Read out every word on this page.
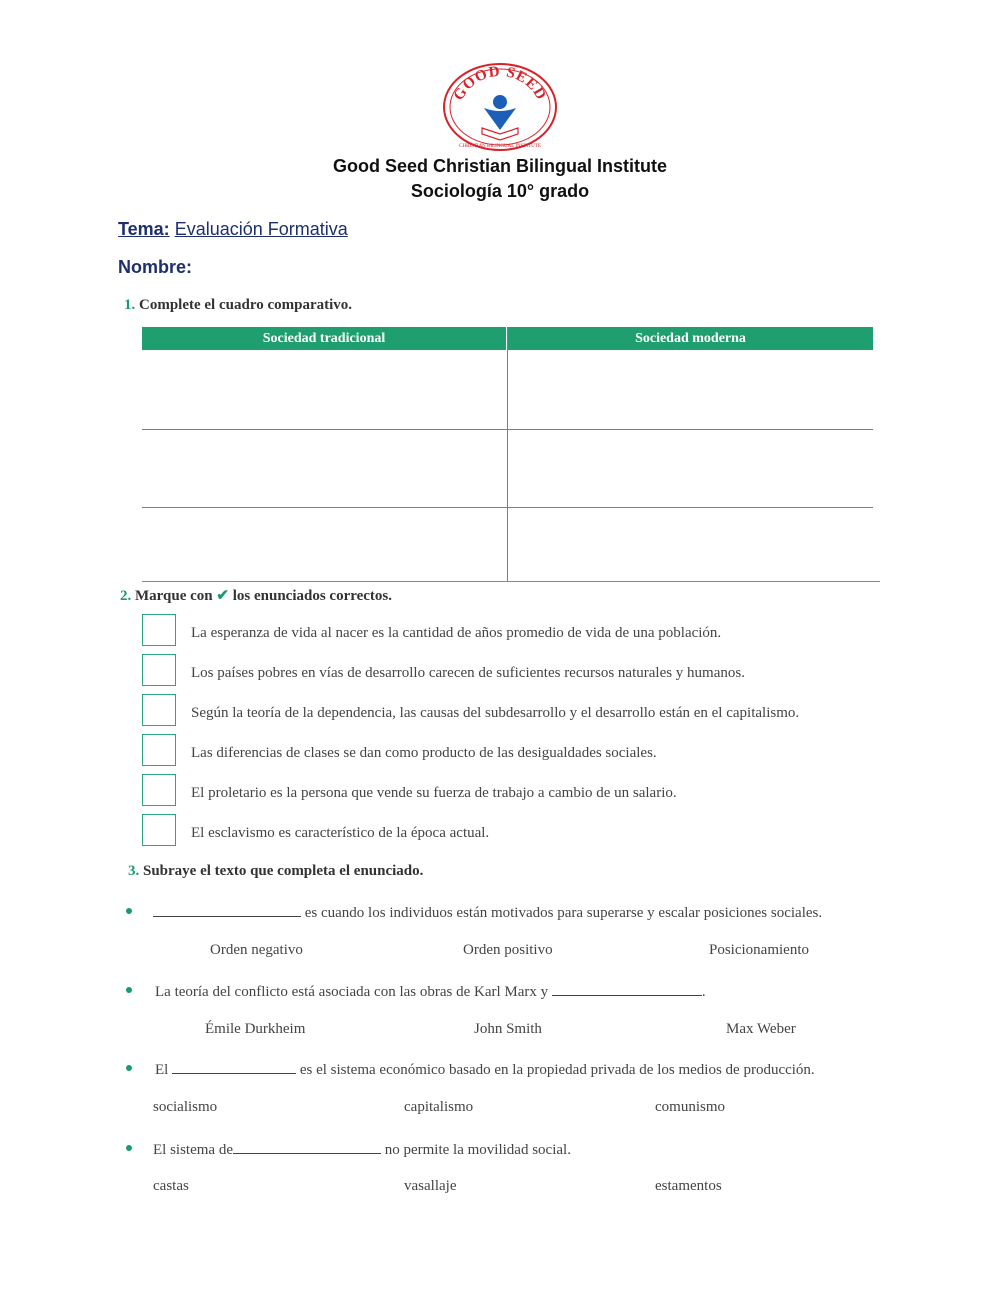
GOOD SEED
CHRISTIAN BILINGUAL INSTITUTE
Good Seed Christian Bilingual Institute
Sociología 10° grado
Tema: Evaluación Formativa
Nombre:
1. Complete el cuadro comparativo.
Sociedad tradicional	Sociedad moderna
2. Marque con ✔ los enunciados correctos.
La esperanza de vida al nacer es la cantidad de años promedio de vida de una población.
Los países pobres en vías de desarrollo carecen de suficientes recursos naturales y humanos.
Según la teoría de la dependencia, las causas del subdesarrollo y el desarrollo están en el capitalismo.
Las diferencias de clases se dan como producto de las desigualdades sociales.
El proletario es la persona que vende su fuerza de trabajo a cambio de un salario.
El esclavismo es característico de la época actual.
3. Subraye el texto que completa el enunciado.
es cuando los individuos están motivados para superarse y escalar posiciones sociales.
Orden negativo	Orden positivo	Posicionamiento
La teoría del conflicto está asociada con las obras de Karl Marx y	.
Émile Durkheim	John Smith	Max Weber
El	es el sistema económico basado en la propiedad privada de los medios de producción.
socialismo	capitalismo	comunismo
El sistema de	no permite la movilidad social.
castas	vasallaje	estamentos
